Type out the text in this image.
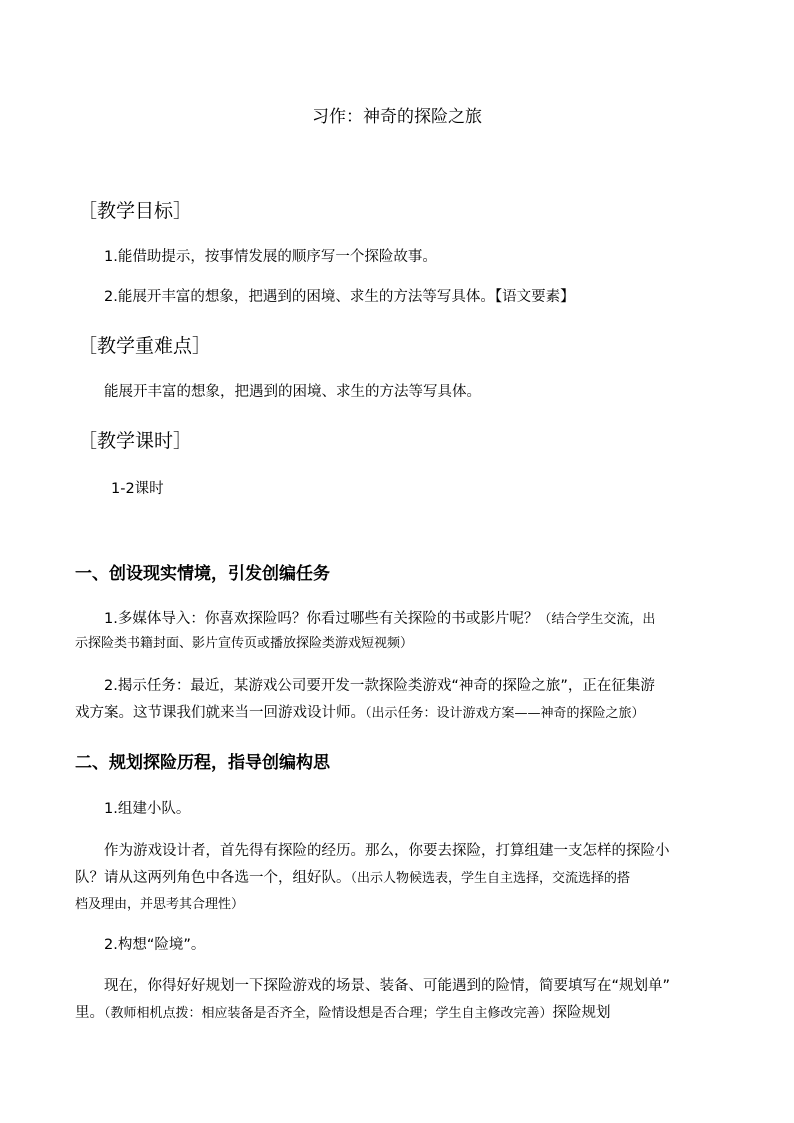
习作：神奇的探险之旅
［教学目标］
1.能借助提示，按事情发展的顺序写一个探险故事。
2.能展开丰富的想象，把遇到的困境、求生的方法等写具体。【语文要素】
［教学重难点］
能展开丰富的想象，把遇到的困境、求生的方法等写具体。
［教学课时］
1-2课时
一、创设现实情境，引发创编任务
1.多媒体导入：你喜欢探险吗？你看过哪些有关探险的书或影片呢？（结合学生交流，出
示探险类书籍封面、影片宣传页或播放探险类游戏短视频）
2.揭示任务：最近，某游戏公司要开发一款探险类游戏“神奇的探险之旅”，正在征集游
戏方案。这节课我们就来当一回游戏设计师。（出示任务：设计游戏方案——神奇的探险之旅）
二、规划探险历程，指导创编构思
1.组建小队。
作为游戏设计者，首先得有探险的经历。那么，你要去探险，打算组建一支怎样的探险小
队？请从这两列角色中各选一个，组好队。（出示人物候选表，学生自主选择，交流选择的搭
档及理由，并思考其合理性）
2.构想“险境”。
现在，你得好好规划一下探险游戏的场景、装备、可能遇到的险情，简要填写在“规划单”
里。（教师相机点拨：相应装备是否齐全，险情设想是否合理；学生自主修改完善）探险规划
